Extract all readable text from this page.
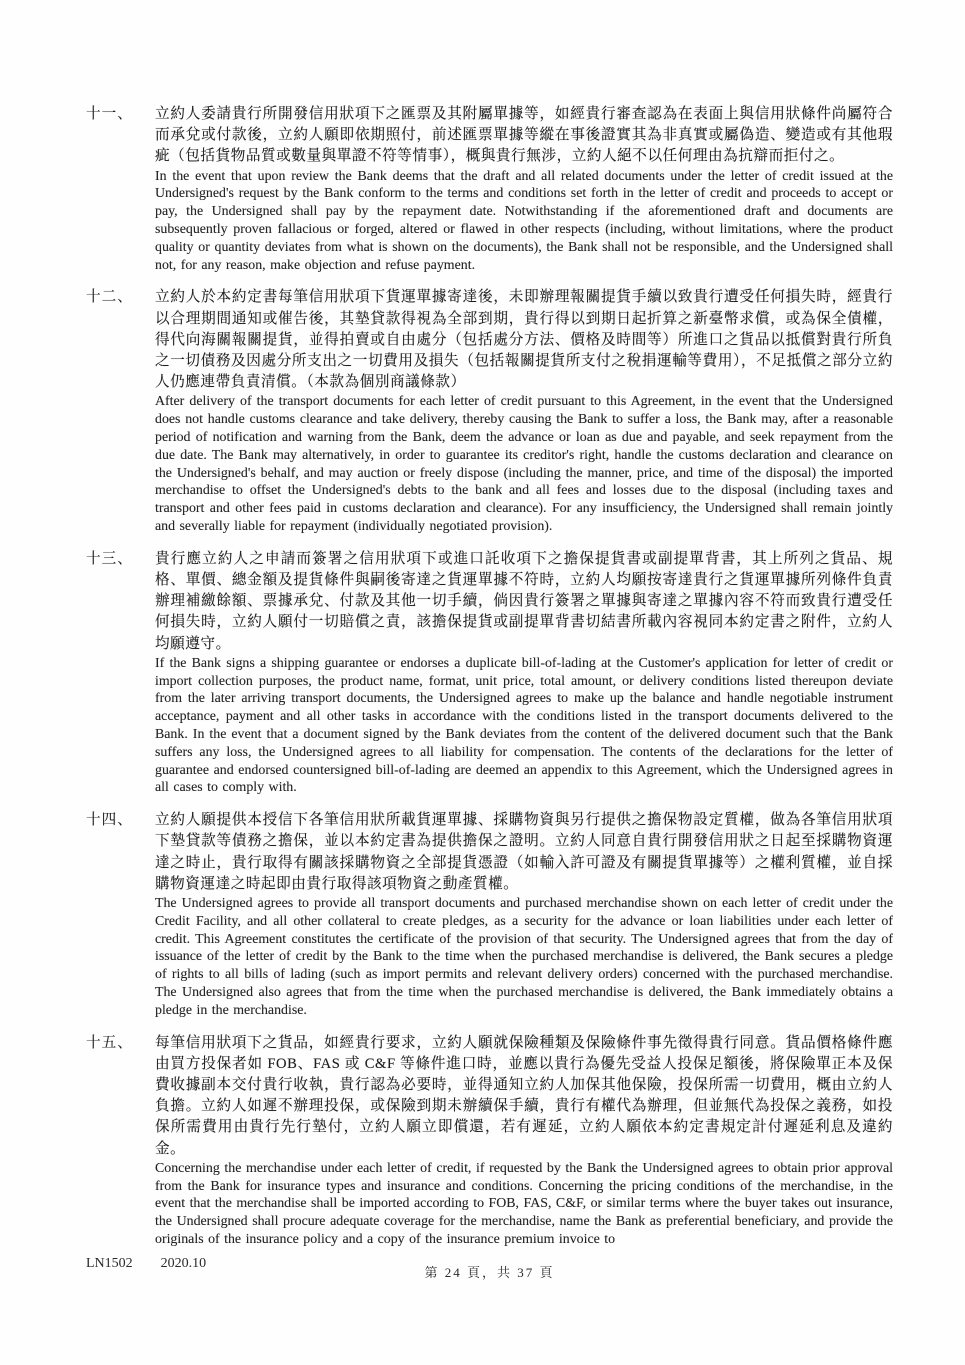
十一、	立約人委請貴行所開發信用狀項下之匯票及其附屬單據等，如經貴行審查認為在表面上與信用狀條件尚屬符合而承兌或付款後，立約人願即依期照付，前述匯票單據等縱在事後證實其為非真實或屬偽造、變造或有其他瑕疵（包括貨物品質或數量與單證不符等情事），概與貴行無涉，立約人絕不以任何理由為抗辯而拒付之。

In the event that upon review the Bank deems that the draft and all related documents under the letter of credit issued at the Undersigned's request by the Bank conform to the terms and conditions set forth in the letter of credit and proceeds to accept or pay, the Undersigned shall pay by the repayment date. Notwithstanding if the aforementioned draft and documents are subsequently proven fallacious or forged, altered or flawed in other respects (including, without limitations, where the product quality or quantity deviates from what is shown on the documents), the Bank shall not be responsible, and the Undersigned shall not, for any reason, make objection and refuse payment.

十二、	立約人於本約定書每筆信用狀項下貨運單據寄達後，未即辦理報關提貨手續以致貴行遭受任何損失時，經貴行以合理期間通知或催告後，其墊貸款得視為全部到期，貴行得以到期日起折算之新臺幣求償，或為保全債權，得代向海關報關提貨，並得拍賣或自由處分（包括處分方法、價格及時間等）所進口之貨品以抵償對貴行所負之一切債務及因處分所支出之一切費用及損失（包括報關提貨所支付之稅捐運輸等費用），不足抵償之部分立約人仍應連帶負責清償。（本款為個別商議條款）

After delivery of the transport documents for each letter of credit pursuant to this Agreement, in the event that the Undersigned does not handle customs clearance and take delivery, thereby causing the Bank to suffer a loss, the Bank may, after a reasonable period of notification and warning from the Bank, deem the advance or loan as due and payable, and seek repayment from the due date. The Bank may alternatively, in order to guarantee its creditor's right, handle the customs declaration and clearance on the Undersigned's behalf, and may auction or freely dispose (including the manner, price, and time of the disposal) the imported merchandise to offset the Undersigned's debts to the bank and all fees and losses due to the disposal (including taxes and transport and other fees paid in customs declaration and clearance). For any insufficiency, the Undersigned shall remain jointly and severally liable for repayment (individually negotiated provision).

十三、	貴行應立約人之申請而簽署之信用狀項下或進口託收項下之擔保提貨書或副提單背書，其上所列之貨品、規格、單價、總金額及提貨條件與嗣後寄達之貨運單據不符時，立約人均願按寄達貴行之貨運單據所列條件負責辦理補繳餘額、票據承兌、付款及其他一切手續，倘因貴行簽署之單據與寄達之單據內容不符而致貴行遭受任何損失時，立約人願付一切賠償之責，該擔保提貨或副提單背書切結書所載內容視同本約定書之附件，立約人均願遵守。

If the Bank signs a shipping guarantee or endorses a duplicate bill-of-lading at the Customer's application for letter of credit or import collection purposes, the product name, format, unit price, total amount, or delivery conditions listed thereupon deviate from the later arriving transport documents, the Undersigned agrees to make up the balance and handle negotiable instrument acceptance, payment and all other tasks in accordance with the conditions listed in the transport documents delivered to the Bank. In the event that a document signed by the Bank deviates from the content of the delivered document such that the Bank suffers any loss, the Undersigned agrees to all liability for compensation. The contents of the declarations for the letter of guarantee and endorsed countersigned bill-of-lading are deemed an appendix to this Agreement, which the Undersigned agrees in all cases to comply with.

十四、	立約人願提供本授信下各筆信用狀所載貨運單據、採購物資與另行提供之擔保物設定質權，做為各筆信用狀項下墊貸款等債務之擔保，並以本約定書為提供擔保之證明。立約人同意自貴行開發信用狀之日起至採購物資運達之時止，貴行取得有關該採購物資之全部提貨憑證（如輸入許可證及有關提貨單據等）之權利質權，並自採購物資運達之時起即由貴行取得該項物資之動產質權。

The Undersigned agrees to provide all transport documents and purchased merchandise shown on each letter of credit under the Credit Facility, and all other collateral to create pledges, as a security for the advance or loan liabilities under each letter of credit. This Agreement constitutes the certificate of the provision of that security. The Undersigned agrees that from the day of issuance of the letter of credit by the Bank to the time when the purchased merchandise is delivered, the Bank secures a pledge of rights to all bills of lading (such as import permits and relevant delivery orders) concerned with the purchased merchandise. The Undersigned also agrees that from the time when the purchased merchandise is delivered, the Bank immediately obtains a pledge in the merchandise.

十五、	每筆信用狀項下之貨品，如經貴行要求，立約人願就保險種類及保險條件事先徵得貴行同意。貨品價格條件應由買方投保者如 FOB、FAS 或 C&F 等條件進口時，並應以貴行為優先受益人投保足額後，將保險單正本及保費收據副本交付貴行收執，貴行認為必要時，並得通知立約人加保其他保險，投保所需一切費用，概由立約人負擔。立約人如遲不辦理投保，或保險到期未辦續保手續，貴行有權代為辦理，但並無代為投保之義務，如投保所需費用由貴行先行墊付，立約人願立即償還，若有遲延，立約人願依本約定書規定計付遲延利息及違約金。

Concerning the merchandise under each letter of credit, if requested by the Bank the Undersigned agrees to obtain prior approval from the Bank for insurance types and insurance and conditions. Concerning the pricing conditions of the merchandise, in the event that the merchandise shall be imported according to FOB, FAS, C&F, or similar terms where the buyer takes out insurance, the Undersigned shall procure adequate coverage for the merchandise, name the Bank as preferential beneficiary, and provide the originals of the insurance policy and a copy of the insurance premium invoice to

第 24 頁，共 37 頁
LN1502 2020.10
